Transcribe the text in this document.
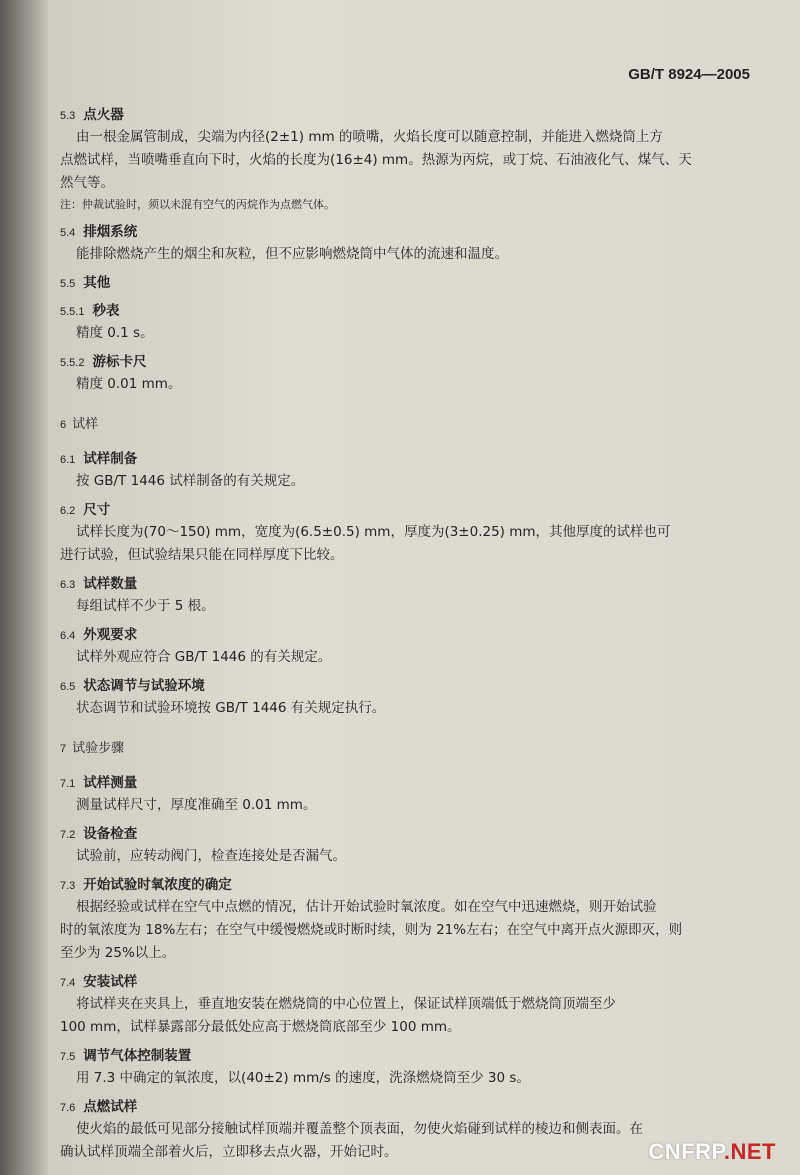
GB/T 8924—2005
5.3 点火器

由一根金属管制成，尖端为内径(2±1) mm 的喷嘴，火焰长度可以随意控制，并能进入燃烧筒上方

点燃试样，当喷嘴垂直向下时，火焰的长度为(16±4) mm。热源为丙烷，或丁烷、石油液化气、煤气、天

然气等。

注：仲裁试验时，须以未混有空气的丙烷作为点燃气体。

5.4 排烟系统

能排除燃烧产生的烟尘和灰粒，但不应影响燃烧筒中气体的流速和温度。

5.5 其他
5.5.1 秒表

精度 0.1 s。

5.5.2 游标卡尺

精度 0.01 mm。

6 试样
6.1 试样制备

按 GB/T 1446 试样制备的有关规定。

6.2 尺寸

试样长度为(70～150) mm，宽度为(6.5±0.5) mm，厚度为(3±0.25) mm，其他厚度的试样也可

进行试验，但试验结果只能在同样厚度下比较。

6.3 试样数量

每组试样不少于 5 根。

6.4 外观要求

试样外观应符合 GB/T 1446 的有关规定。

6.5 状态调节与试验环境

状态调节和试验环境按 GB/T 1446 有关规定执行。

7 试验步骤
7.1 试样测量

测量试样尺寸，厚度准确至 0.01 mm。

7.2 设备检查

试验前，应转动阀门，检查连接处是否漏气。

7.3 开始试验时氧浓度的确定

根据经验或试样在空气中点燃的情况，估计开始试验时氧浓度。如在空气中迅速燃烧，则开始试验

时的氧浓度为 18%左右；在空气中缓慢燃烧或时断时续，则为 21%左右；在空气中离开点火源即灭，则

至少为 25%以上。

7.4 安装试样

将试样夹在夹具上，垂直地安装在燃烧筒的中心位置上，保证试样顶端低于燃烧筒顶端至少

100 mm，试样暴露部分最低处应高于燃烧筒底部至少 100 mm。

7.5 调节气体控制装置

用 7.3 中确定的氧浓度，以(40±2) mm/s 的速度，洗涤燃烧筒至少 30 s。

7.6 点燃试样

使火焰的最低可见部分接触试样顶端并覆盖整个顶表面，勿使火焰碰到试样的棱边和侧表面。在

确认试样顶端全部着火后，立即移去点火器，开始记时。	CNFRP.NET
